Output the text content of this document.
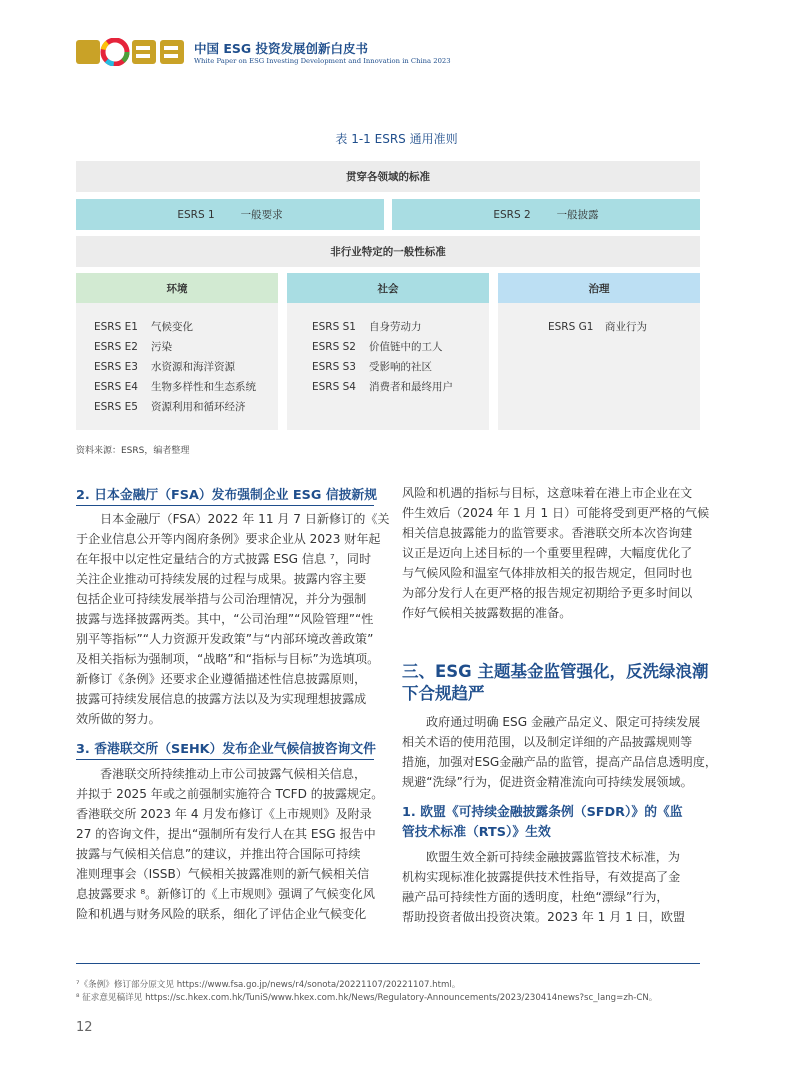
中国 ESG 投资发展创新白皮书
White Paper on ESG Investing Development and Innovation in China 2023
表 1-1 ESRS 通用准则
贯穿各领域的标准
ESRS 1 一般要求	ESRS 2 一般披露
非行业特定的一般性标准
环境
ESRS E1 气候变化
ESRS E2 污染
ESRS E3 水资源和海洋资源
ESRS E4 生物多样性和生态系统
ESRS E5 资源利用和循环经济
社会
ESRS S1 自身劳动力
ESRS S2 价值链中的工人
ESRS S3 受影响的社区
ESRS S4 消费者和最终用户
治理
ESRS G1 商业行为
资料来源：ESRS，编者整理
2. 日本金融厅（FSA）发布强制企业 ESG 信披新规
日本金融厅（FSA）2022 年 11 月 7 日新修订的《关
于企业信息公开等内阁府条例》要求企业从 2023 财年起
在年报中以定性定量结合的方式披露 ESG 信息 ⁷，同时
关注企业推动可持续发展的过程与成果。披露内容主要
包括企业可持续发展举措与公司治理情况，并分为强制
披露与选择披露两类。其中，“公司治理”“风险管理”“性
别平等指标”“人力资源开发政策”与“内部环境改善政策”
及相关指标为强制项，“战略”和“指标与目标”为选填项。
新修订《条例》还要求企业遵循描述性信息披露原则，
披露可持续发展信息的披露方法以及为实现理想披露成
效所做的努力。
3. 香港联交所（SEHK）发布企业气候信披咨询文件
香港联交所持续推动上市公司披露气候相关信息，
并拟于 2025 年或之前强制实施符合 TCFD 的披露规定。
香港联交所 2023 年 4 月发布修订《上市规则》及附录
27 的咨询文件，提出“强制所有发行人在其 ESG 报告中
披露与气候相关信息”的建议，并推出符合国际可持续
准则理事会（ISSB）气候相关披露准则的新气候相关信
息披露要求 ⁸。新修订的《上市规则》强调了气候变化风
险和机遇与财务风险的联系，细化了评估企业气候变化
风险和机遇的指标与目标，这意味着在港上市企业在文
件生效后（2024 年 1 月 1 日）可能将受到更严格的气候
相关信息披露能力的监管要求。香港联交所本次咨询建
议正是迈向上述目标的一个重要里程碑，大幅度优化了
与气候风险和温室气体排放相关的报告规定，但同时也
为部分发行人在更严格的报告规定初期给予更多时间以
作好气候相关披露数据的准备。
三、ESG 主题基金监管强化，反洗绿浪潮
下合规趋严
政府通过明确 ESG 金融产品定义、限定可持续发展
相关术语的使用范围，以及制定详细的产品披露规则等
措施，加强对ESG金融产品的监管，提高产品信息透明度，
规避“洗绿”行为，促进资金精准流向可持续发展领域。
1. 欧盟《可持续金融披露条例（SFDR）》的《监
管技术标准（RTS）》生效
欧盟生效全新可持续金融披露监管技术标准，为
机构实现标准化披露提供技术性指导，有效提高了金
融产品可持续性方面的透明度，杜绝“漂绿”行为，
帮助投资者做出投资决策。2023 年 1 月 1 日，欧盟
⁷《条例》修订部分原文见 https://www.fsa.go.jp/news/r4/sonota/20221107/20221107.html。
⁸ 征求意见稿详见 https://sc.hkex.com.hk/TuniS/www.hkex.com.hk/News/Regulatory-Announcements/2023/230414news?sc_lang=zh-CN。
12
